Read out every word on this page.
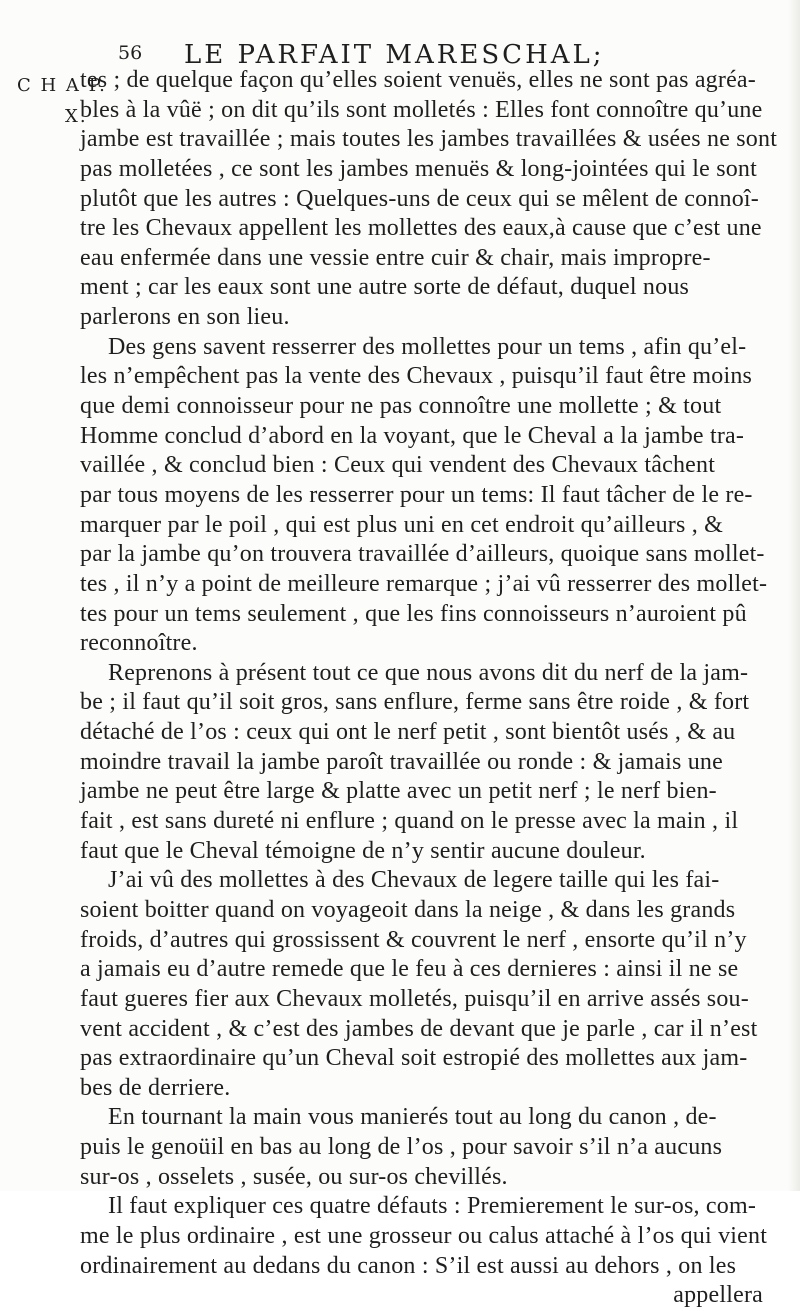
56 LE PARFAIT MARESCHAL;
C H A P.
X.
tes ; de quelque façon qu’elles soient venuës, elles ne sont pas agréa-
bles à la vûë ; on dit qu’ils sont molletés : Elles font connoître qu’une
jambe est travaillée ; mais toutes les jambes travaillées & usées ne sont
pas molletées , ce sont les jambes menuës & long-jointées qui le sont
plutôt que les autres : Quelques-uns de ceux qui se mêlent de connoî-
tre les Chevaux appellent les mollettes des eaux,à cause que c’est une
eau enfermée dans une vessie entre cuir & chair, mais impropre-
ment ; car les eaux sont une autre sorte de défaut, duquel nous
parlerons en son lieu.
Des gens savent resserrer des mollettes pour un tems , afin qu’el-
les n’empêchent pas la vente des Chevaux , puisqu’il faut être moins
que demi connoisseur pour ne pas connoître une mollette ; & tout
Homme conclud d’abord en la voyant, que le Cheval a la jambe tra-
vaillée , & conclud bien : Ceux qui vendent des Chevaux tâchent
par tous moyens de les resserrer pour un tems: Il faut tâcher de le re-
marquer par le poil , qui est plus uni en cet endroit qu’ailleurs , &
par la jambe qu’on trouvera travaillée d’ailleurs, quoique sans mollet-
tes , il n’y a point de meilleure remarque ; j’ai vû resserrer des mollet-
tes pour un tems seulement , que les fins connoisseurs n’auroient pû
reconnoître.
Reprenons à présent tout ce que nous avons dit du nerf de la jam-
be ; il faut qu’il soit gros, sans enflure, ferme sans être roide , & fort
détaché de l’os : ceux qui ont le nerf petit , sont bientôt usés , & au
moindre travail la jambe paroît travaillée ou ronde : & jamais une
jambe ne peut être large & platte avec un petit nerf ; le nerf bien-
fait , est sans dureté ni enflure ; quand on le presse avec la main , il
faut que le Cheval témoigne de n’y sentir aucune douleur.
J’ai vû des mollettes à des Chevaux de legere taille qui les fai-
soient boitter quand on voyageoit dans la neige , & dans les grands
froids, d’autres qui grossissent & couvrent le nerf , ensorte qu’il n’y
a jamais eu d’autre remede que le feu à ces dernieres : ainsi il ne se
faut gueres fier aux Chevaux molletés, puisqu’il en arrive assés sou-
vent accident , & c’est des jambes de devant que je parle , car il n’est
pas extraordinaire qu’un Cheval soit estropié des mollettes aux jam-
bes de derriere.
En tournant la main vous manierés tout au long du canon , de-
puis le genoüil en bas au long de l’os , pour savoir s’il n’a aucuns
sur-os , osselets , susée, ou sur-os chevillés.
Il faut expliquer ces quatre défauts : Premierement le sur-os, com-
me le plus ordinaire , est une grosseur ou calus attaché à l’os qui vient
ordinairement au dedans du canon : S’il est aussi au dehors , on les
appellera
